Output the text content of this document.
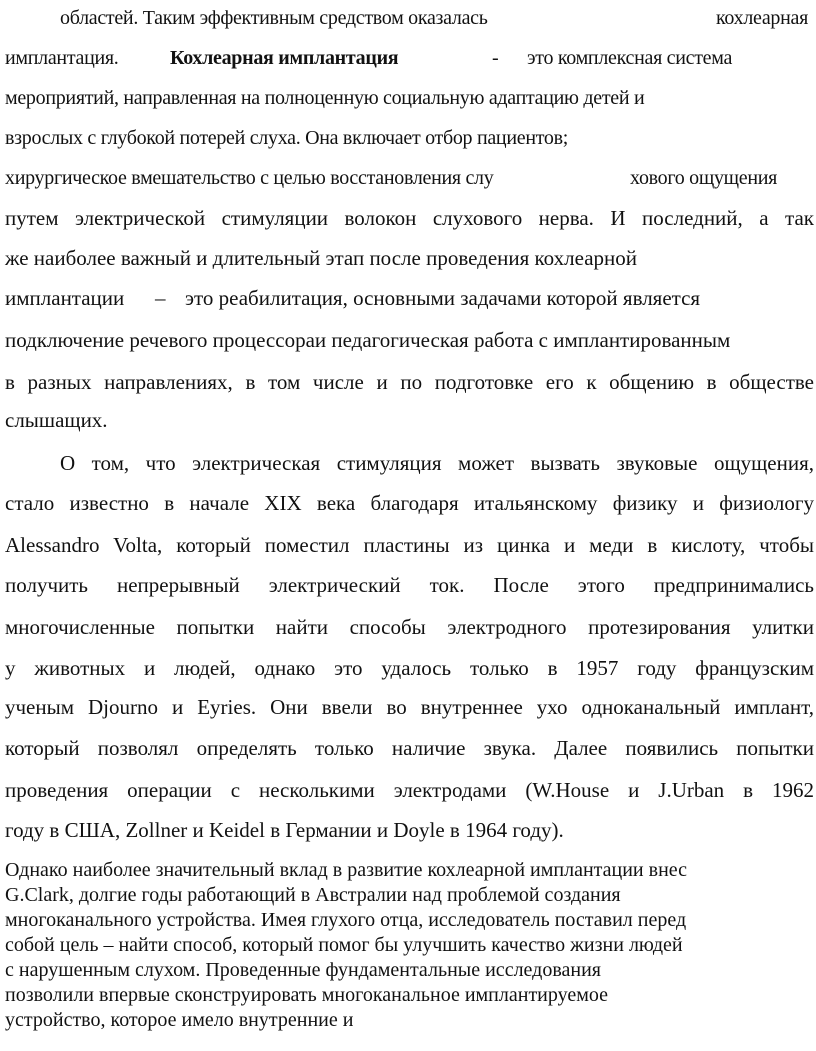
областей. Таким эффективным средством оказалась	кохлеарная
имплантация.	Кохлеарная имплантация	- это комплексная система
мероприятий, направленная на полноценную социальную адаптацию детей и
взрослых с глубокой потерей слуха. Она включает отбор пациентов;
хирургическое вмешательство с целью восстановления слу	хового ощущения
путем электрической стимуляции волокон слухового нерва. И последний, а так
же наиболее важный и длительный этап после проведения кохлеарной
имплантации – это реабилитация, основными задачами которой является
подключение речевого процессораи педагогическая работа с имплантированным
в разных направлениях, в том числе и по подготовке его к общению в обществе
слышащих.
О том, что электрическая стимуляция может вызвать звуковые ощущения,
стало известно в начале XIX века благодаря итальянскому физику и физиологу
Alessandro Volta, который поместил пластины из цинка и меди в кислоту, чтобы
получить непрерывный электрический ток. После этого предпринимались
многочисленные попытки найти способы электродного протезирования улитки
у животных и людей, однако это удалось только в 1957 году французским
ученым Djourno и Eyries. Они ввели во внутреннее ухо одноканальный имплант,
который позволял определять только наличие звука. Далее появились попытки
проведения операции с несколькими электродами (W.House и J.Urban в 1962
году в США, Zollner и Keidel в Германии и Doyle в 1964 году).
Однако наиболее значительный вклад в развитие кохлеарной имплантации внес
G.Clark, долгие годы работающий в Австралии над проблемой создания
многоканального устройства. Имея глухого отца, исследователь поставил перед
собой цель – найти способ, который помог бы улучшить качество жизни людей
с нарушенным слухом. Проведенные фундаментальные исследования
позволили впервые сконструировать многоканальное имплантируемое
устройство, которое имело внутренние и
